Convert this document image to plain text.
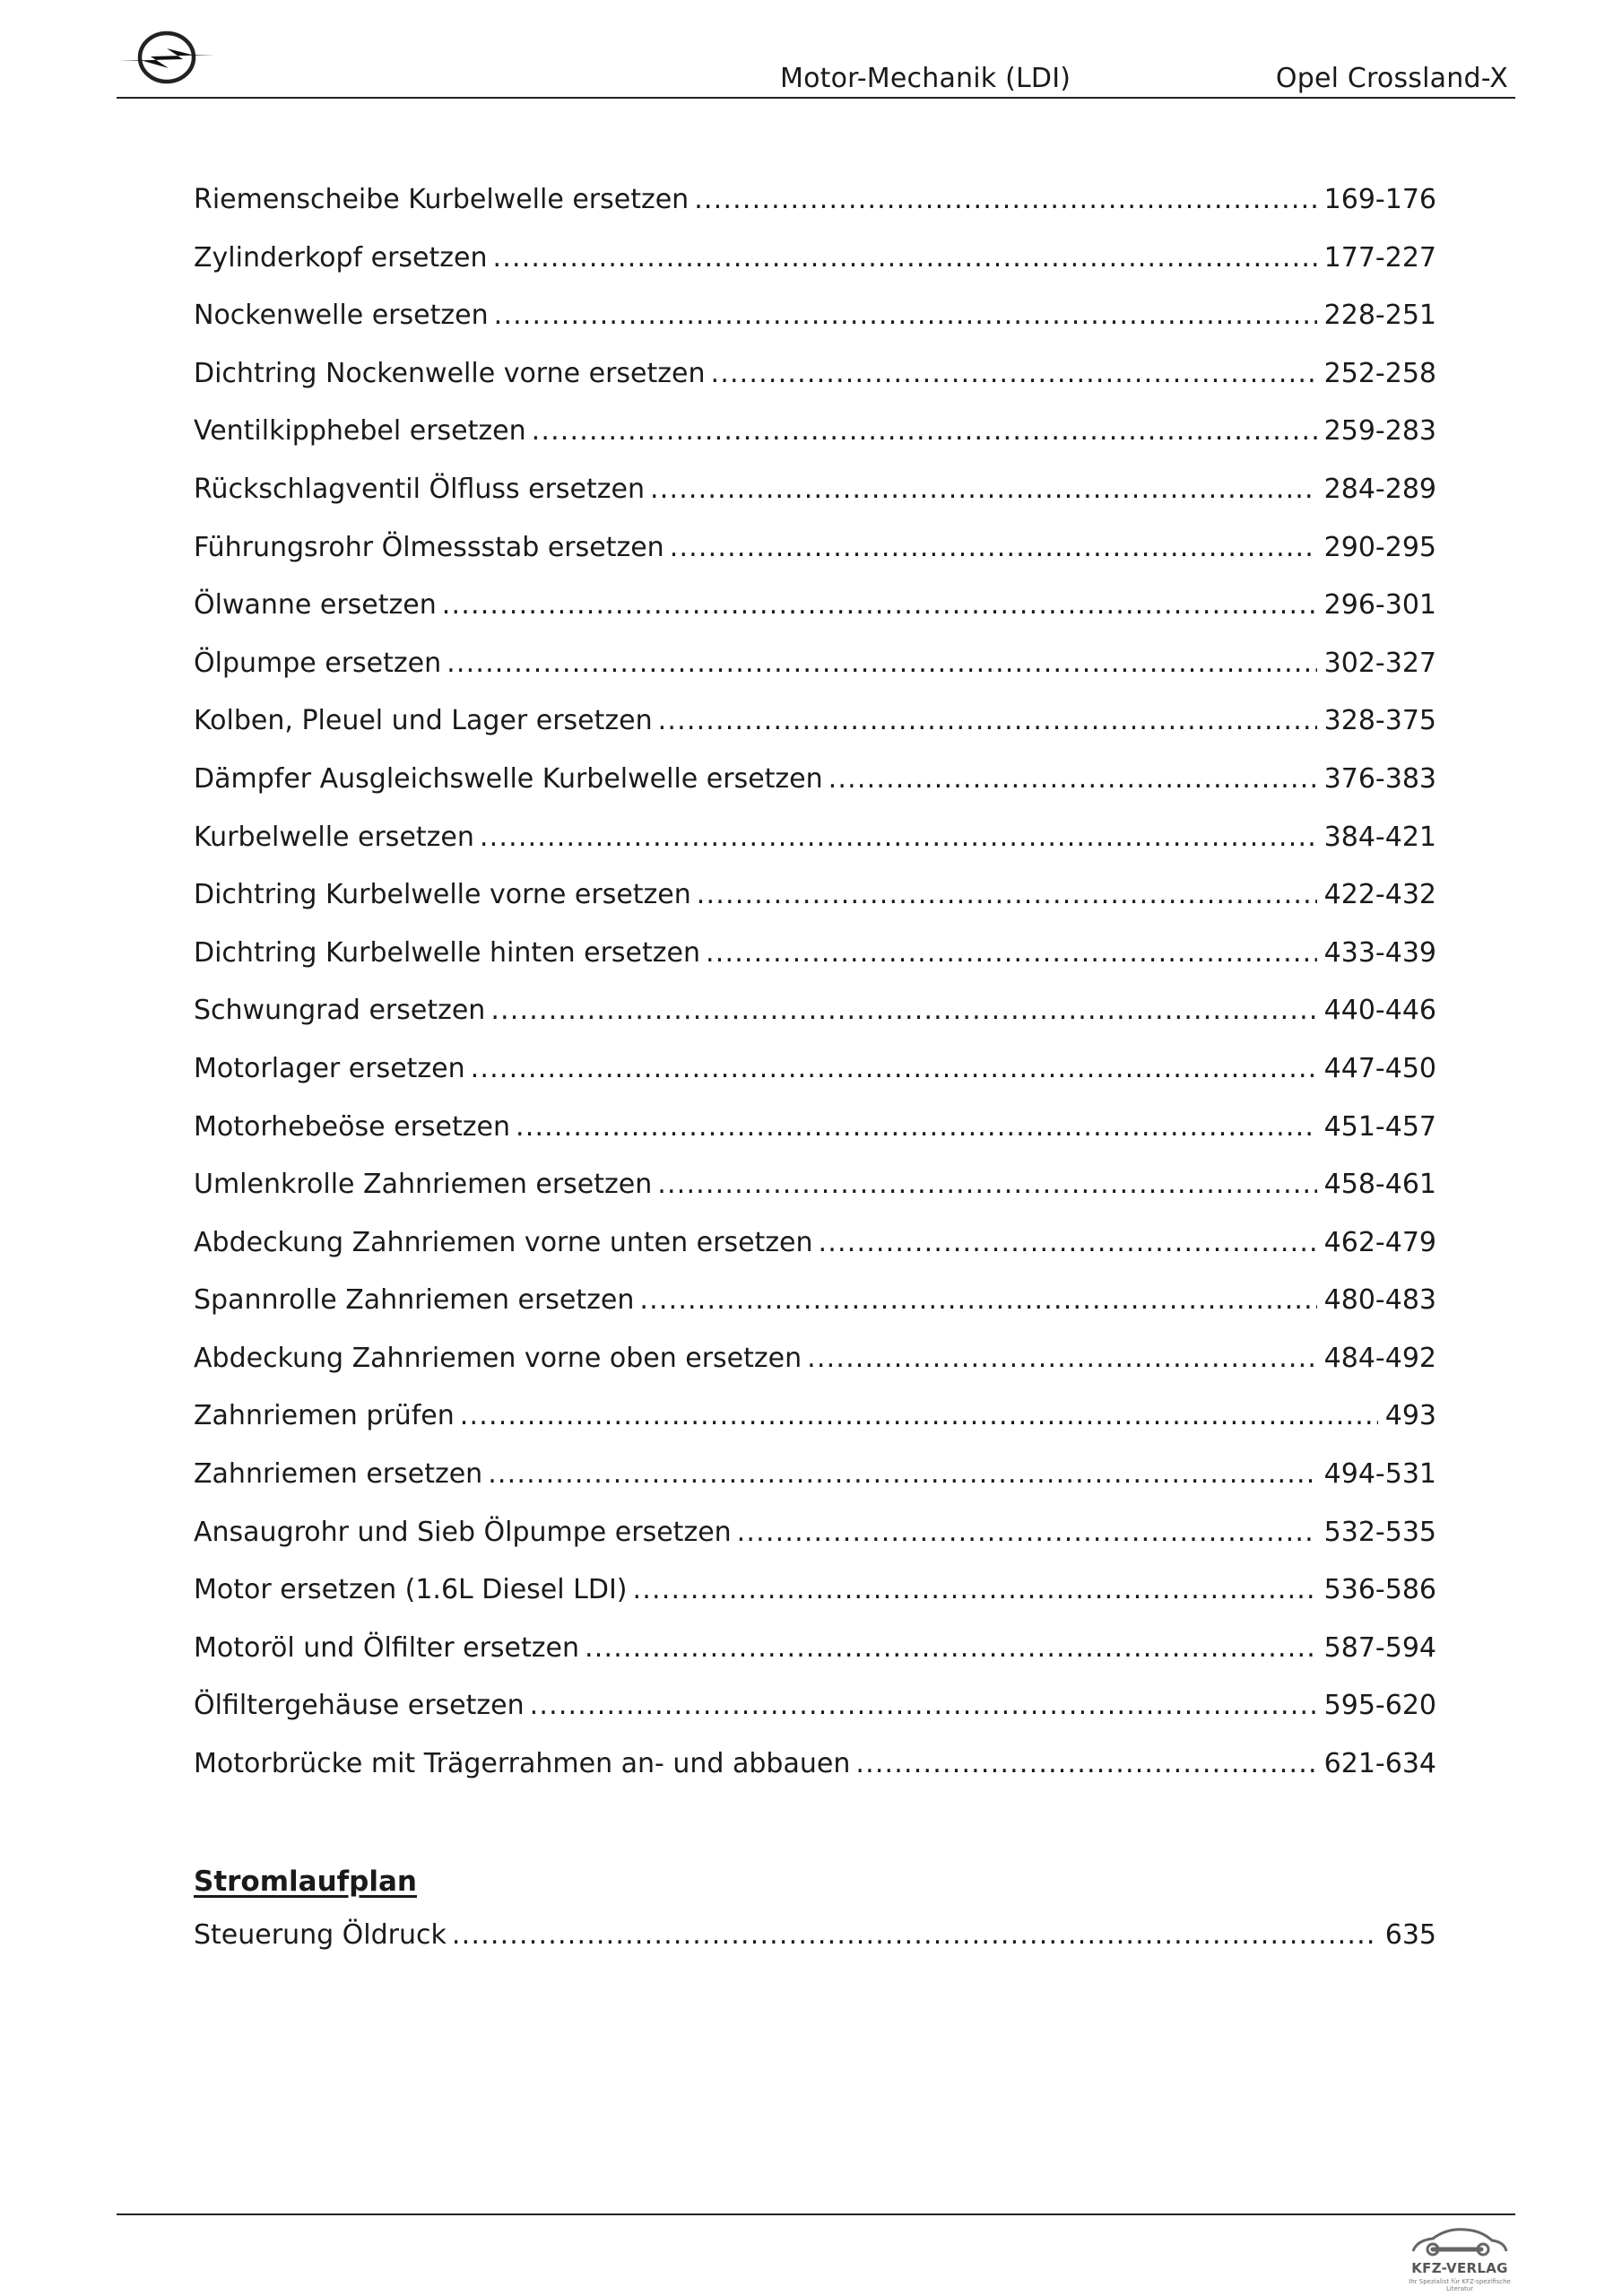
Motor-Mechanik (LDI)	Opel Crossland-X
Riemenscheibe Kurbelwelle ersetzen .....	169-176
Zylinderkopf ersetzen .....	177-227
Nockenwelle ersetzen .....	228-251
Dichtring Nockenwelle vorne ersetzen .....	252-258
Ventilkipphebel ersetzen .....	259-283
Rückschlagventil Ölfluss ersetzen .....	284-289
Führungsrohr Ölmessstab ersetzen .....	290-295
Ölwanne ersetzen .....	296-301
Ölpumpe ersetzen .....	302-327
Kolben, Pleuel und Lager ersetzen .....	328-375
Dämpfer Ausgleichswelle Kurbelwelle ersetzen .....	376-383
Kurbelwelle ersetzen .....	384-421
Dichtring Kurbelwelle vorne ersetzen .....	422-432
Dichtring Kurbelwelle hinten ersetzen .....	433-439
Schwungrad ersetzen .....	440-446
Motorlager ersetzen .....	447-450
Motorhebeöse ersetzen .....	451-457
Umlenkrolle Zahnriemen ersetzen .....	458-461
Abdeckung Zahnriemen vorne unten ersetzen .....	462-479
Spannrolle Zahnriemen ersetzen .....	480-483
Abdeckung Zahnriemen vorne oben ersetzen .....	484-492
Zahnriemen prüfen .....	493
Zahnriemen ersetzen .....	494-531
Ansaugrohr und Sieb Ölpumpe ersetzen .....	532-535
Motor ersetzen (1.6L Diesel LDI) .....	536-586
Motoröl und Ölfilter ersetzen .....	587-594
Ölfiltergehäuse ersetzen .....	595-620
Motorbrücke mit Trägerrahmen an- und abbauen .....	621-634
Stromlaufplan
Steuerung Öldruck .....	635
KFZ-VERLAG
Ihr Spezialist für KFZ-spezifische Literatur
